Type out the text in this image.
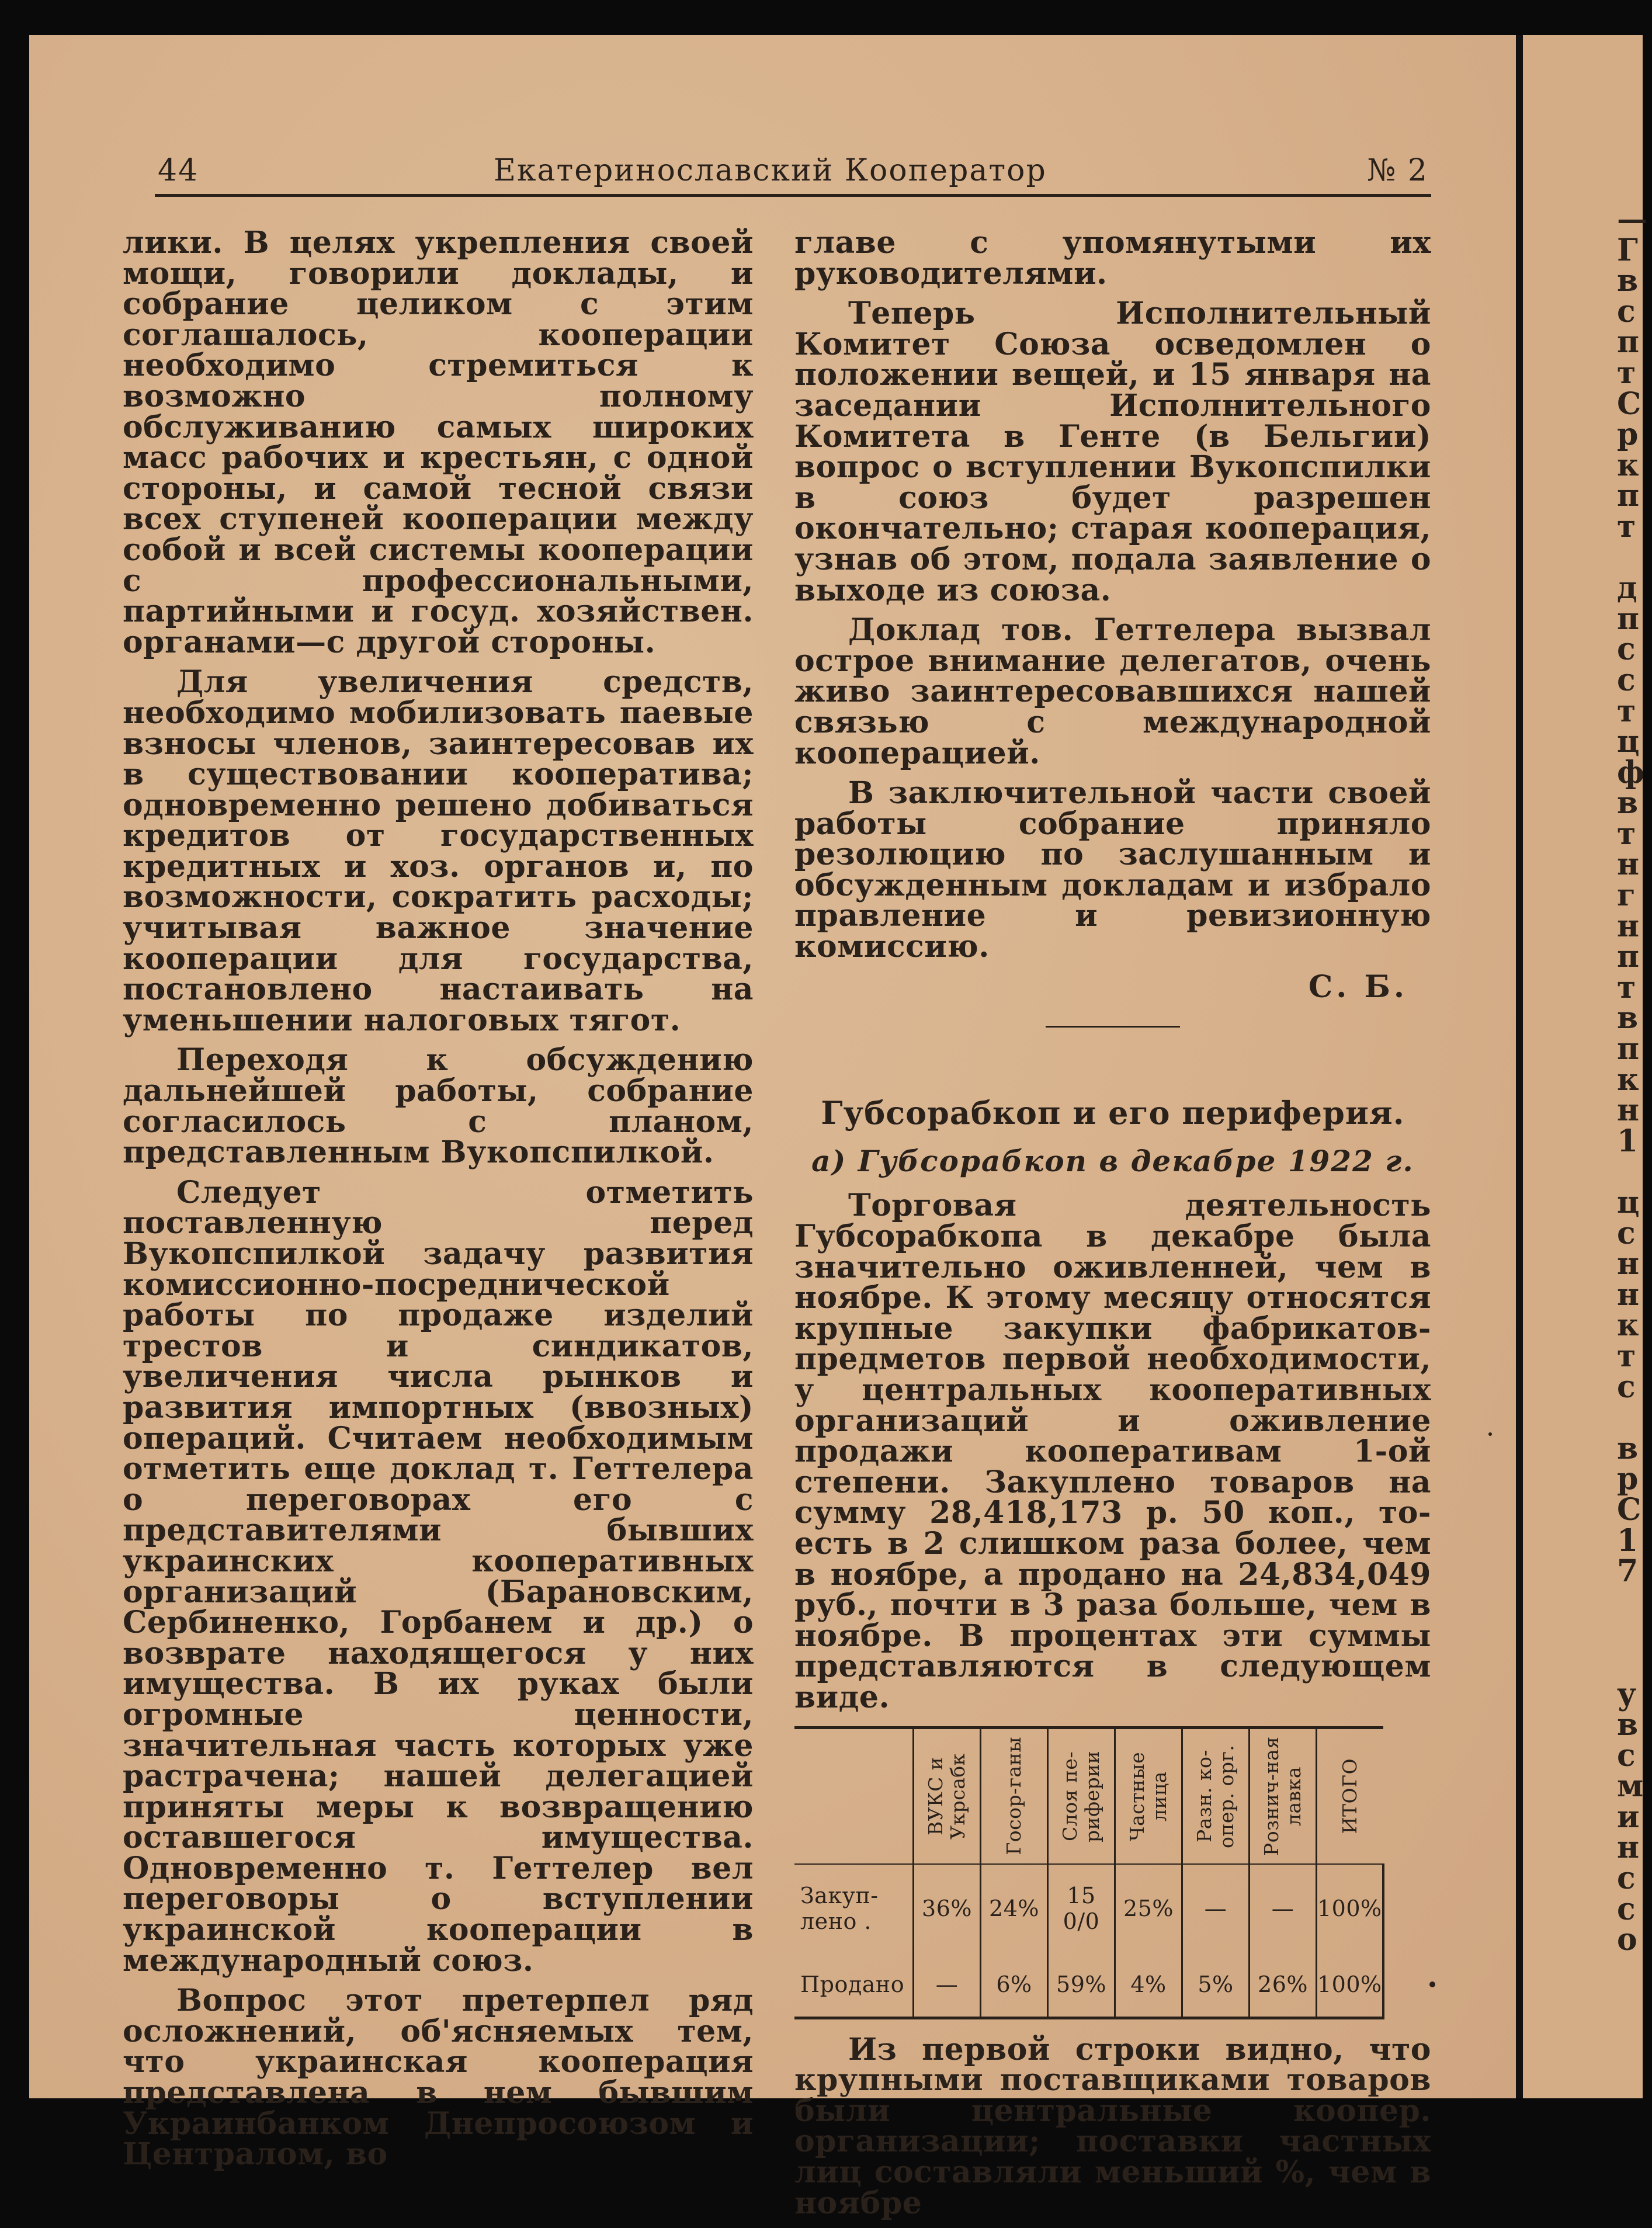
44	Екатеринославский Кооператор	№ 2

лики. В целях укрепления своей мощи, говорили доклады, и собрание целиком с этим соглашалось, кооперации необходимо стремиться к возможно полному обслуживанию самых широких масс рабочих и крестьян, с одной стороны, и самой тесной связи всех ступеней кооперации между собой и всей системы кооперации с профессиональными, партийными и госуд. хозяйствен. органами—с другой стороны.

Для увеличения средств, необходимо мобилизовать паевые взносы членов, заинтересовав их в существовании кооператива; одновременно решено добиваться кредитов от государственных кредитных и хоз. органов и, по возможности, сократить расходы; учитывая важное значение кооперации для государства, постановлено настаивать на уменьшении налоговых тягот.

Переходя к обсуждению дальнейшей работы, собрание согласилось с планом, представленным Вукопспилкой.

Следует отметить поставленную перед Вукопспилкой задачу развития комиссионно-посреднической работы по продаже изделий трестов и синдикатов, увеличения числа рынков и развития импортных (ввозных) операций. Считаем необходимым отметить еще доклад т. Геттелера о переговорах его с представителями бывших украинских кооперативных организаций (Барановским, Сербиненко, Горбанем и др.) о возврате находящегося у них имущества. В их руках были огромные ценности, значительная часть которых уже растрачена; нашей делегацией приняты меры к возвращению оставшегося имущества. Одновременно т. Геттелер вел переговоры о вступлении украинской кооперации в международный союз.

Вопрос этот претерпел ряд осложнений, об'ясняемых тем, что украинская кооперация представлена в нем бывшим Украинбанком Днепросоюзом и Централом, во

главе с упомянутыми их руководителями.

Теперь Исполнительный Комитет Союза осведомлен о положении вещей, и 15 января на заседании Исполнительного Комитета в Генте (в Бельгии) вопрос о вступлении Вукопспилки в союз будет разрешен окончательно; старая кооперация, узнав об этом, подала заявление о выходе из союза.

Доклад тов. Геттелера вызвал острое внимание делегатов, очень живо заинтересовавшихся нашей связью с международной кооперацией.

В заключительной части своей работы собрание приняло резолюцию по заслушанным и обсужденным докладам и избрало правление и ревизионную комиссию.

С. Б.
Губсорабкоп и его периферия.
а) Губсорабкоп в декабре 1922 г.

Торговая деятельность Губсорабкопа в декабре была значительно оживленней, чем в ноябре. К этому месяцу относятся крупные закупки фабрикатов-предметов первой необходимости, у центральных кооперативных организаций и оживление продажи кооперативам 1-ой степени. Закуплено товаров на сумму 28,418,173 р. 50 коп., то-есть в 2 слишком раза более, чем в ноябре, а продано на 24,834,049 руб., почти в 3 раза больше, чем в ноябре. В процентах эти суммы представляются в следующем виде.

	ВУКС и Укрсабк	Госор-ганы	Слоя пе-риферии	Частные лица	Разн. ко-опер. орг.	Рознич-ная лавка	ИТОГО

Закуп-лено .	36%	24%	15 0/0	25%	—	—	100%
Продано	—	6%	59%	4%	5%	26%	100%

Из первой строки видно, что крупными поставщиками товаров были центральные коопер. организации; поставки частных лиц составляли меньший %, чем в ноябре

—
Г
в
с
п
т
С
р
к
п
т
д
п
с
с
т
ц
ф
в
т
н
г
н
п
т
в
п
к
н
1
ц
с
н
н
к
т
с
в
р
С
1
7
у
в
с
м
и
н
с
с
о
